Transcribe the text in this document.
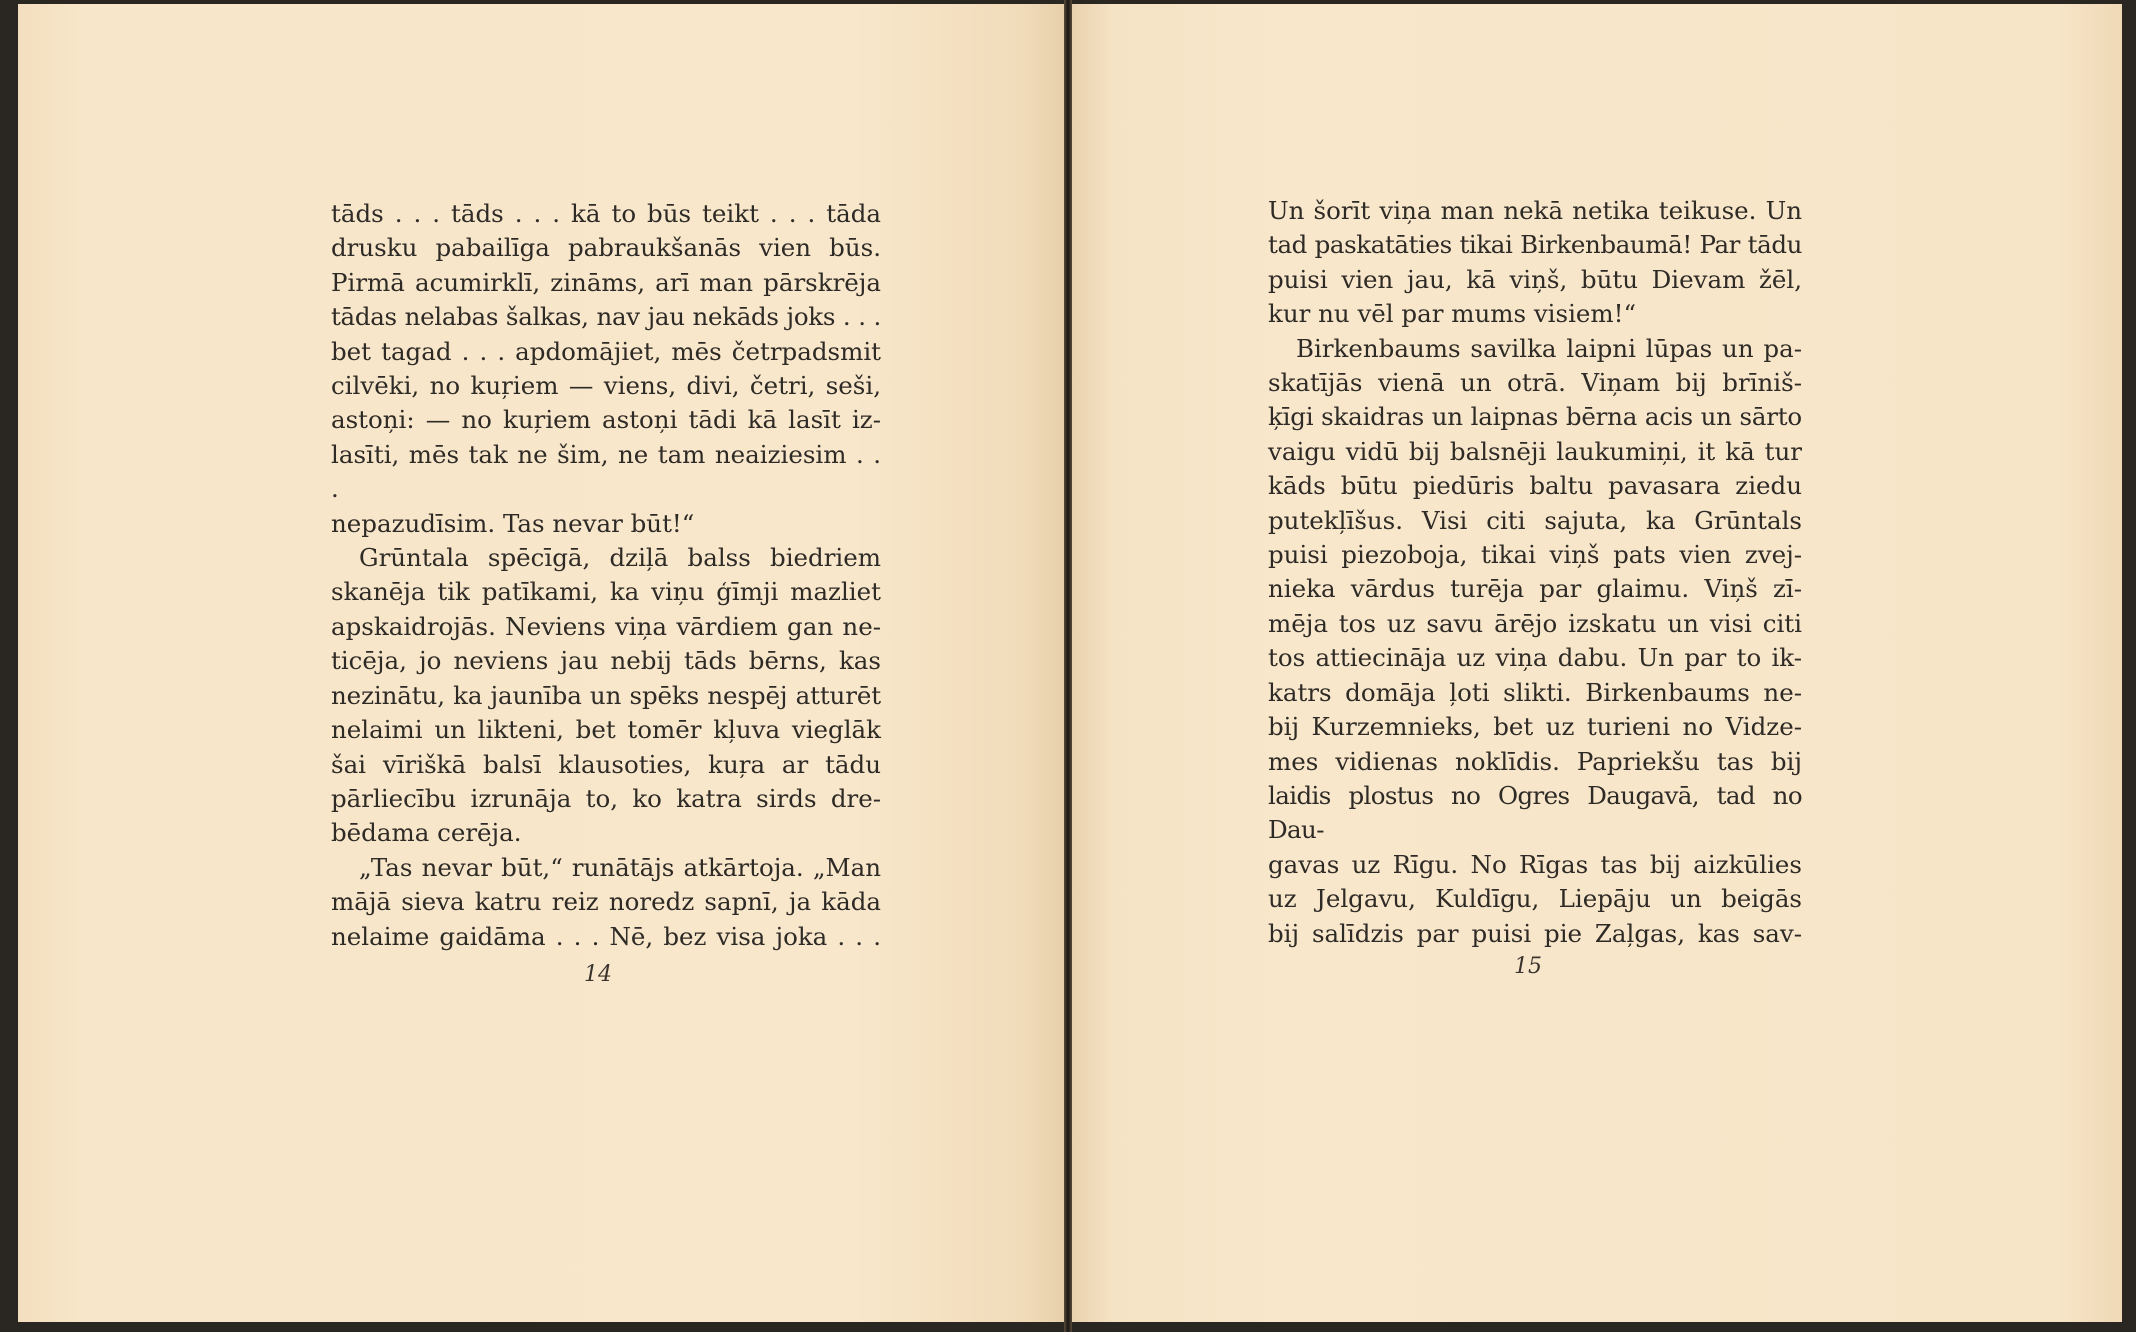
tāds . . . tāds . . . kā to būs teikt . . . tāda
drusku pabailīga pabraukšanās vien būs.
Pirmā acumirklī, zināms, arī man pārskrēja
tādas nelabas šalkas, nav jau nekāds joks . . .
bet tagad . . . apdomājiet, mēs četrpadsmit
cilvēki, no kuŗiem — viens, divi, četri, seši,
astoņi: — no kuŗiem astoņi tādi kā lasīt iz-
lasīti, mēs tak ne šim, ne tam neaiziesim . . .
nepazudīsim. Tas nevar būt!“
Grūntala spēcīgā, dziļā balss biedriem
skanēja tik patīkami, ka viņu ģīmji mazliet
apskaidrojās. Neviens viņa vārdiem gan ne-
ticēja, jo neviens jau nebij tāds bērns, kas
nezinātu, ka jaunība un spēks nespēj atturēt
nelaimi un likteni, bet tomēr kļuva vieglāk
šai vīriškā balsī klausoties, kuŗa ar tādu
pārliecību izrunāja to, ko katra sirds dre-
bēdama cerēja.
„Tas nevar būt,“ runātājs atkārtoja. „Man
mājā sieva katru reiz noredz sapnī, ja kāda
nelaime gaidāma . . . Nē, bez visa joka . . .
14
Un šorīt viņa man nekā netika teikuse. Un
tad paskatāties tikai Birkenbaumā! Par tādu
puisi vien jau, kā viņš, būtu Dievam žēl,
kur nu vēl par mums visiem!“
Birkenbaums savilka laipni lūpas un pa-
skatījās vienā un otrā. Viņam bij brīniš-
ķīgi skaidras un laipnas bērna acis un sārto
vaigu vidū bij balsnēji laukumiņi, it kā tur
kāds būtu piedūris baltu pavasara ziedu
putekļīšus. Visi citi sajuta, ka Grūntals
puisi piezoboja, tikai viņš pats vien zvej-
nieka vārdus turēja par glaimu. Viņš zī-
mēja tos uz savu ārējo izskatu un visi citi
tos attiecināja uz viņa dabu. Un par to ik-
katrs domāja ļoti slikti. Birkenbaums ne-
bij Kurzemnieks, bet uz turieni no Vidze-
mes vidienas noklīdis. Papriekšu tas bij
laidis plostus no Ogres Daugavā, tad no Dau-
gavas uz Rīgu. No Rīgas tas bij aizkūlies
uz Jelgavu, Kuldīgu, Liepāju un beigās
bij salīdzis par puisi pie Zaļgas, kas sav-
15
